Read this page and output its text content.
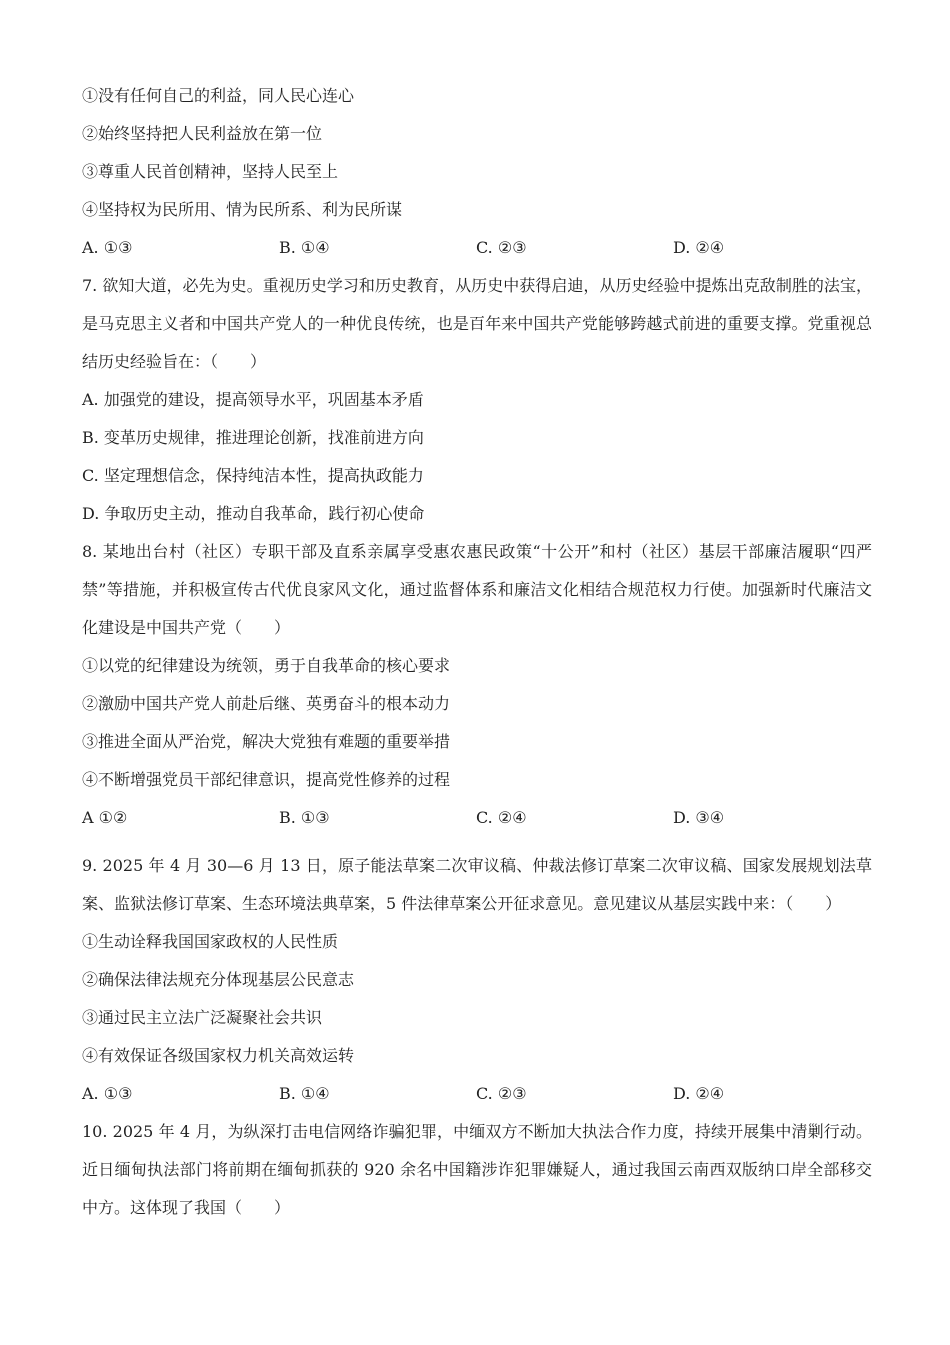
①没有任何自己的利益，同人民心连心
②始终坚持把人民利益放在第一位
③尊重人民首创精神，坚持人民至上
④坚持权为民所用、情为民所系、利为民所谋
A. ①③	B. ①④	C. ②③	D. ②④
7. 欲知大道，必先为史。重视历史学习和历史教育，从历史中获得启迪，从历史经验中提炼出克敌制胜的法宝，是马克思主义者和中国共产党人的一种优良传统，也是百年来中国共产党能够跨越式前进的重要支撑。党重视总结历史经验旨在：（　　）
A. 加强党的建设，提高领导水平，巩固基本矛盾
B. 变革历史规律，推进理论创新，找准前进方向
C. 坚定理想信念，保持纯洁本性，提高执政能力
D. 争取历史主动，推动自我革命，践行初心使命
8. 某地出台村（社区）专职干部及直系亲属享受惠农惠民政策“十公开”和村（社区）基层干部廉洁履职“四严禁”等措施，并积极宣传古代优良家风文化，通过监督体系和廉洁文化相结合规范权力行使。加强新时代廉洁文化建设是中国共产党（　　）
①以党的纪律建设为统领，勇于自我革命的核心要求
②激励中国共产党人前赴后继、英勇奋斗的根本动力
③推进全面从严治党，解决大党独有难题的重要举措
④不断增强党员干部纪律意识，提高党性修养的过程
A ①②	B. ①③	C. ②④	D. ③④
9. 2025 年 4 月 30—6 月 13 日，原子能法草案二次审议稿、仲裁法修订草案二次审议稿、国家发展规划法草案、监狱法修订草案、生态环境法典草案，5 件法律草案公开征求意见。意见建议从基层实践中来：（　　）
①生动诠释我国国家政权的人民性质
②确保法律法规充分体现基层公民意志
③通过民主立法广泛凝聚社会共识
④有效保证各级国家权力机关高效运转
A. ①③	B. ①④	C. ②③	D. ②④
10. 2025 年 4 月，为纵深打击电信网络诈骗犯罪，中缅双方不断加大执法合作力度，持续开展集中清剿行动。近日缅甸执法部门将前期在缅甸抓获的 920 余名中国籍涉诈犯罪嫌疑人，通过我国云南西双版纳口岸全部移交中方。这体现了我国（　　）
